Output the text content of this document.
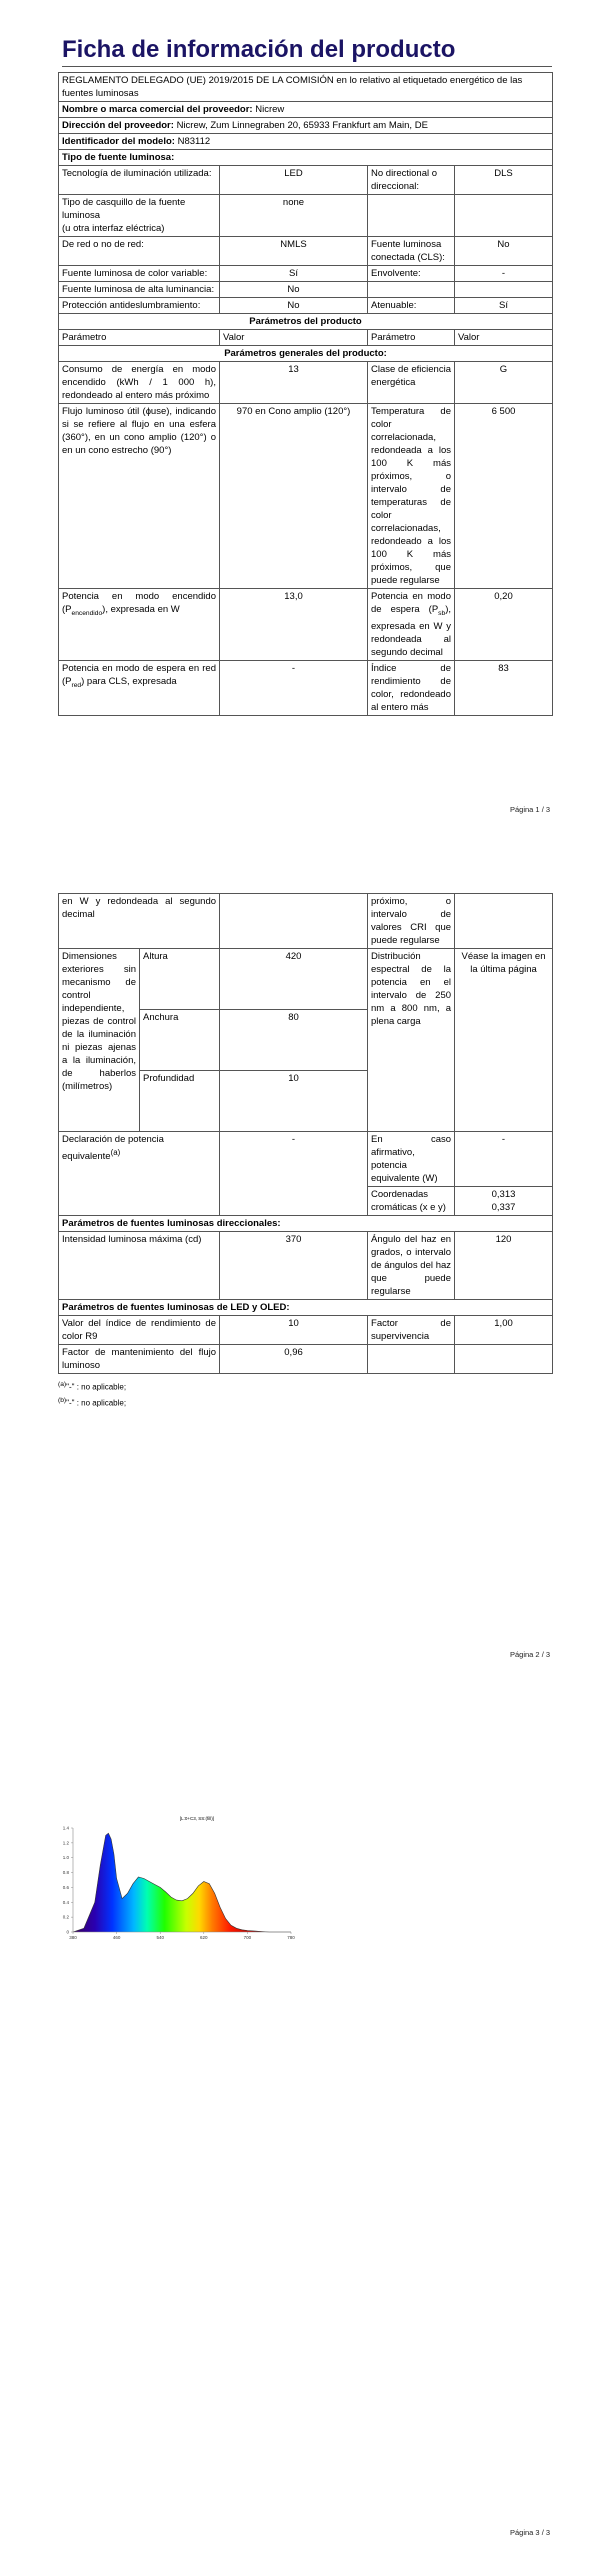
Ficha de información del producto
REGLAMENTO DELEGADO (UE) 2019/2015 DE LA COMISIÓN en lo relativo al etiquetado energético de las fuentes luminosas			
Nombre o marca comercial del proveedor: Nicrew			
Dirección del proveedor: Nicrew, Zum Linnegraben 20, 65933 Frankfurt am Main, DE			
Identificador del modelo: N83112			
Tipo de fuente luminosa:			
Tecnología de iluminación utilizada:	LED	No directional o direccional:	DLS
Tipo de casquillo de la fuente luminosa
(u otra interfaz eléctrica)	none		
De red o no de red:	NMLS	Fuente luminosa conectada (CLS):	No
Fuente luminosa de color variable:	Sí	Envolvente:	-
Fuente luminosa de alta luminancia:	No		
Protección antideslumbramiento:	No	Atenuable:	Sí
Parámetros del producto			
Parámetro	Valor	Parámetro	Valor
Parámetros generales del producto:			
Consumo de energía en modo encendido (kWh / 1 000 h), redondeado al entero más próximo	13	Clase de eficiencia energética	G
Flujo luminoso útil (ɸuse), indicando si se refiere al flujo en una esfera (360°), en un cono amplio (120°) o en un cono estrecho (90°)	970 en Cono amplio (120°)	Temperatura de color correlacionada, redondeada a los 100 K más próximos, o intervalo de temperaturas de color correlacionadas, redondeado a los 100 K más próximos, que puede regularse	6 500
Potencia en modo encendido $(P_{encendido})$, expresada en W	13,0	Potencia en modo de espera $(P_{sb})$, expresada en W y redondeada al segundo decimal	0,20
Potencia en modo de espera en red $(P_{red})$ para CLS, expresada	-	Índice de rendimiento de color, redondeado al entero más	83
Página 1 / 3
en W y redondeada al segundo decimal			próximo, o intervalo de valores CRI que puede regularse	
Dimensiones exteriores sin mecanismo de control independiente, piezas de control de la iluminación ni piezas ajenas a la iluminación, de haberlos (milímetros)	Altura	420	Distribución espectral de la potencia en el intervalo de 250 nm a 800 nm, a plena carga	Véase la imagen en la última página
	Anchura	80		
	Profundidad	10		
Declaración de potencia equivalente$^{(a)}$		-	En caso afirmativo, potencia equivalente (W)	-
			Coordenadas cromáticas (x e y)	0,313
0,337
Parámetros de fuentes luminosas direccionales:				
Intensidad luminosa máxima (cd)		370	Ángulo del haz en grados, o intervalo de ángulos del haz que puede regularse	120
Parámetros de fuentes luminosas de LED y OLED:				
Valor del índice de rendimiento de color R9		10	Factor de supervivencia	1,00
Factor de mantenimiento del flujo luminoso		0,96		
$^{(a)}$"-" : no aplicable;
$^{(b)}$"-" : no aplicable;
Página 2 / 3
[L:0+C3, SS:(fill)]
0
0.2
0.4
0.6
0.8
1.0
1.2
1.4
380	460	540	620	700	780
Página 3 / 3
